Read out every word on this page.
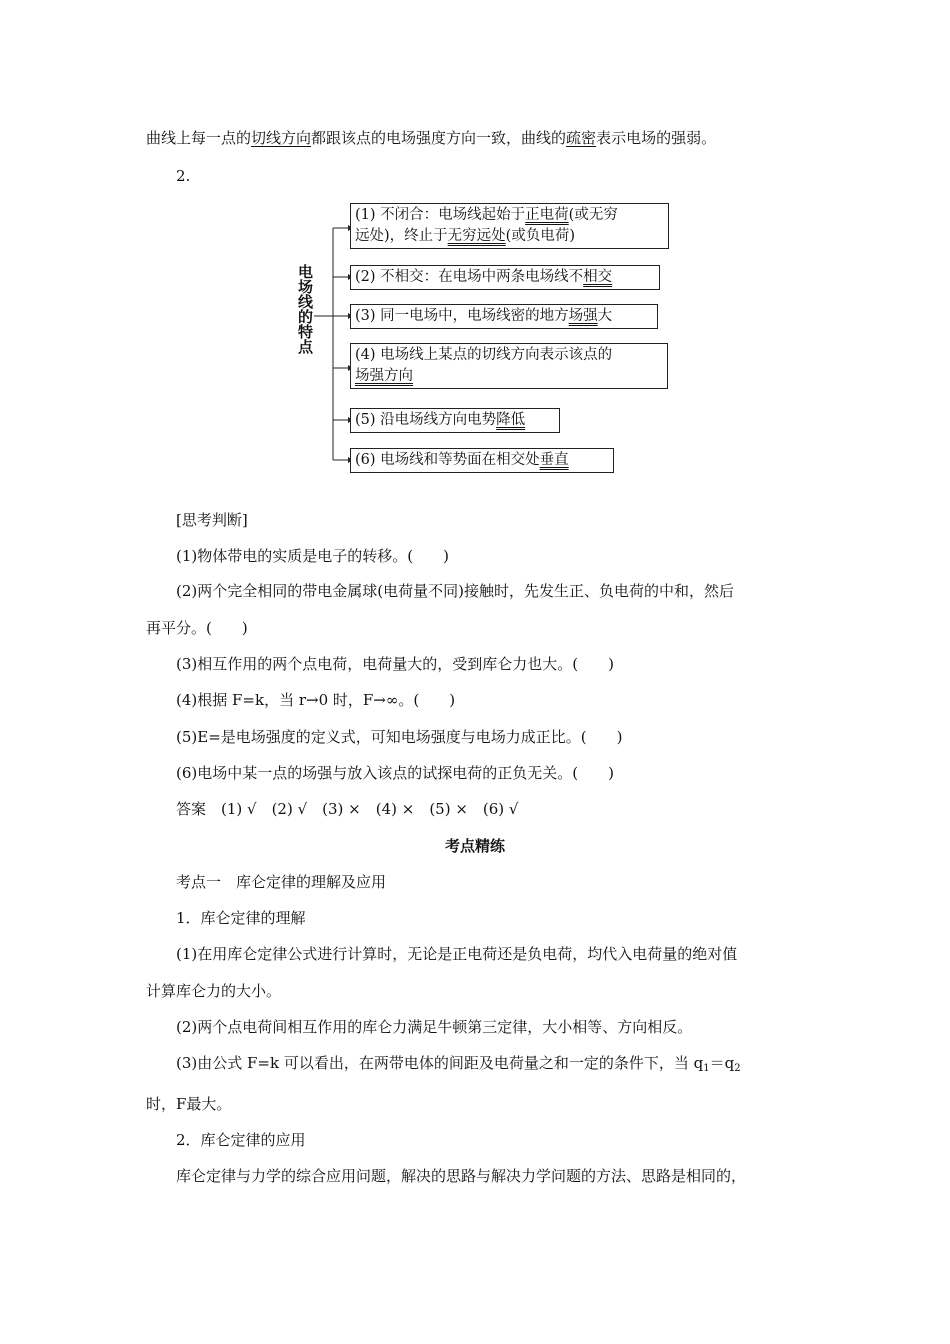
曲线上每一点的切线方向都跟该点的电场强度方向一致，曲线的疏密表示电场的强弱。
2.
电场线的特点
(1) 不闭合：电场线起始于正电荷(或无穷
远处)，终止于无穷远处(或负电荷)
(2) 不相交：在电场中两条电场线不相交
(3) 同一电场中，电场线密的地方场强大
(4) 电场线上某点的切线方向表示该点的
场强方向
(5) 沿电场线方向电势降低
(6) 电场线和等势面在相交处垂直
[思考判断]
(1)物体带电的实质是电子的转移。(　　)
(2)两个完全相同的带电金属球(电荷量不同)接触时，先发生正、负电荷的中和，然后
再平分。(　　)
(3)相互作用的两个点电荷，电荷量大的，受到库仑力也大。(　　)
(4)根据 F=k，当 r→0 时，F→∞。(　　)
(5)E=是电场强度的定义式，可知电场强度与电场力成正比。(　　)
(6)电场中某一点的场强与放入该点的试探电荷的正负无关。(　　)
答案　(1) √　(2) √　(3) ×　(4) ×　(5) ×　(6) √
考点精练
考点一　库仑定律的理解及应用
1．库仑定律的理解
(1)在用库仑定律公式进行计算时，无论是正电荷还是负电荷，均代入电荷量的绝对值
计算库仑力的大小。
(2)两个点电荷间相互作用的库仑力满足牛顿第三定律，大小相等、方向相反。
(3)由公式 F=k 可以看出，在两带电体的间距及电荷量之和一定的条件下，当 $q_1=q_2$
时，F最大。
2．库仑定律的应用
库仑定律与力学的综合应用问题，解决的思路与解决力学问题的方法、思路是相同的，
